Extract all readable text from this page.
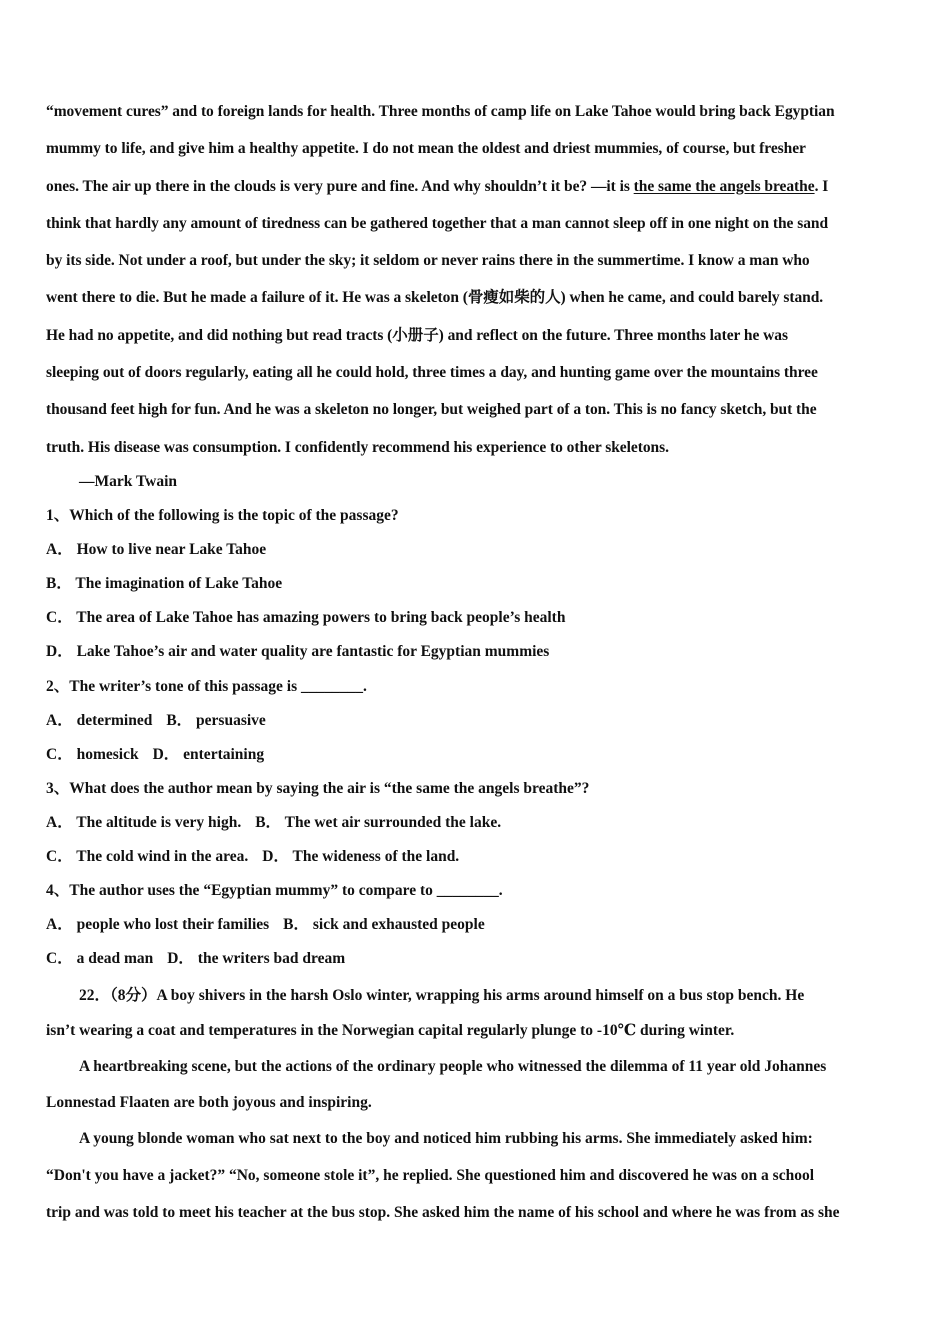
“movement cures” and to foreign lands for health. Three months of camp life on Lake Tahoe would bring back Egyptian
mummy to life, and give him a healthy appetite. I do not mean the oldest and driest mummies, of course, but fresher
ones. The air up there in the clouds is very pure and fine. And why shouldn’t it be? —it is the same the angels breathe. I
think that hardly any amount of tiredness can be gathered together that a man cannot sleep off in one night on the sand
by its side. Not under a roof, but under the sky; it seldom or never rains there in the summertime. I know a man who
went there to die. But he made a failure of it. He was a skeleton (骨瘦如柴的人) when he came, and could barely stand.
He had no appetite, and did nothing but read tracts (小册子) and reflect on the future. Three months later he was
sleeping out of doors regularly, eating all he could hold, three times a day, and hunting game over the mountains three
thousand feet high for fun. And he was a skeleton no longer, but weighed part of a ton. This is no fancy sketch, but the
truth. His disease was consumption. I confidently recommend his experience to other skeletons.
—Mark Twain
1、Which of the following is the topic of the passage?
A． How to live near Lake Tahoe
B． The imagination of Lake Tahoe
C． The area of Lake Tahoe has amazing powers to bring back people’s health
D． Lake Tahoe’s air and water quality are fantastic for Egyptian mummies
2、The writer’s tone of this passage is ________.
A． determined B． persuasive
C． homesick D． entertaining
3、What does the author mean by saying the air is “the same the angels breathe”?
A． The altitude is very high. B． The wet air surrounded the lake.
C． The cold wind in the area. D． The wideness of the land.
4、The author uses the “Egyptian mummy” to compare to ________.
A． people who lost their families B． sick and exhausted people
C． a dead man D． the writers bad dream
22．（8分）A boy shivers in the harsh Oslo winter, wrapping his arms around himself on a bus stop bench. He
isn’t wearing a coat and temperatures in the Norwegian capital regularly plunge to -10℃ during winter.
A heartbreaking scene, but the actions of the ordinary people who witnessed the dilemma of 11 year old Johannes
Lonnestad Flaaten are both joyous and inspiring.
A young blonde woman who sat next to the boy and noticed him rubbing his arms. She immediately asked him:
“Don't you have a jacket?” “No, someone stole it”, he replied. She questioned him and discovered he was on a school
trip and was told to meet his teacher at the bus stop. She asked him the name of his school and where he was from as she
